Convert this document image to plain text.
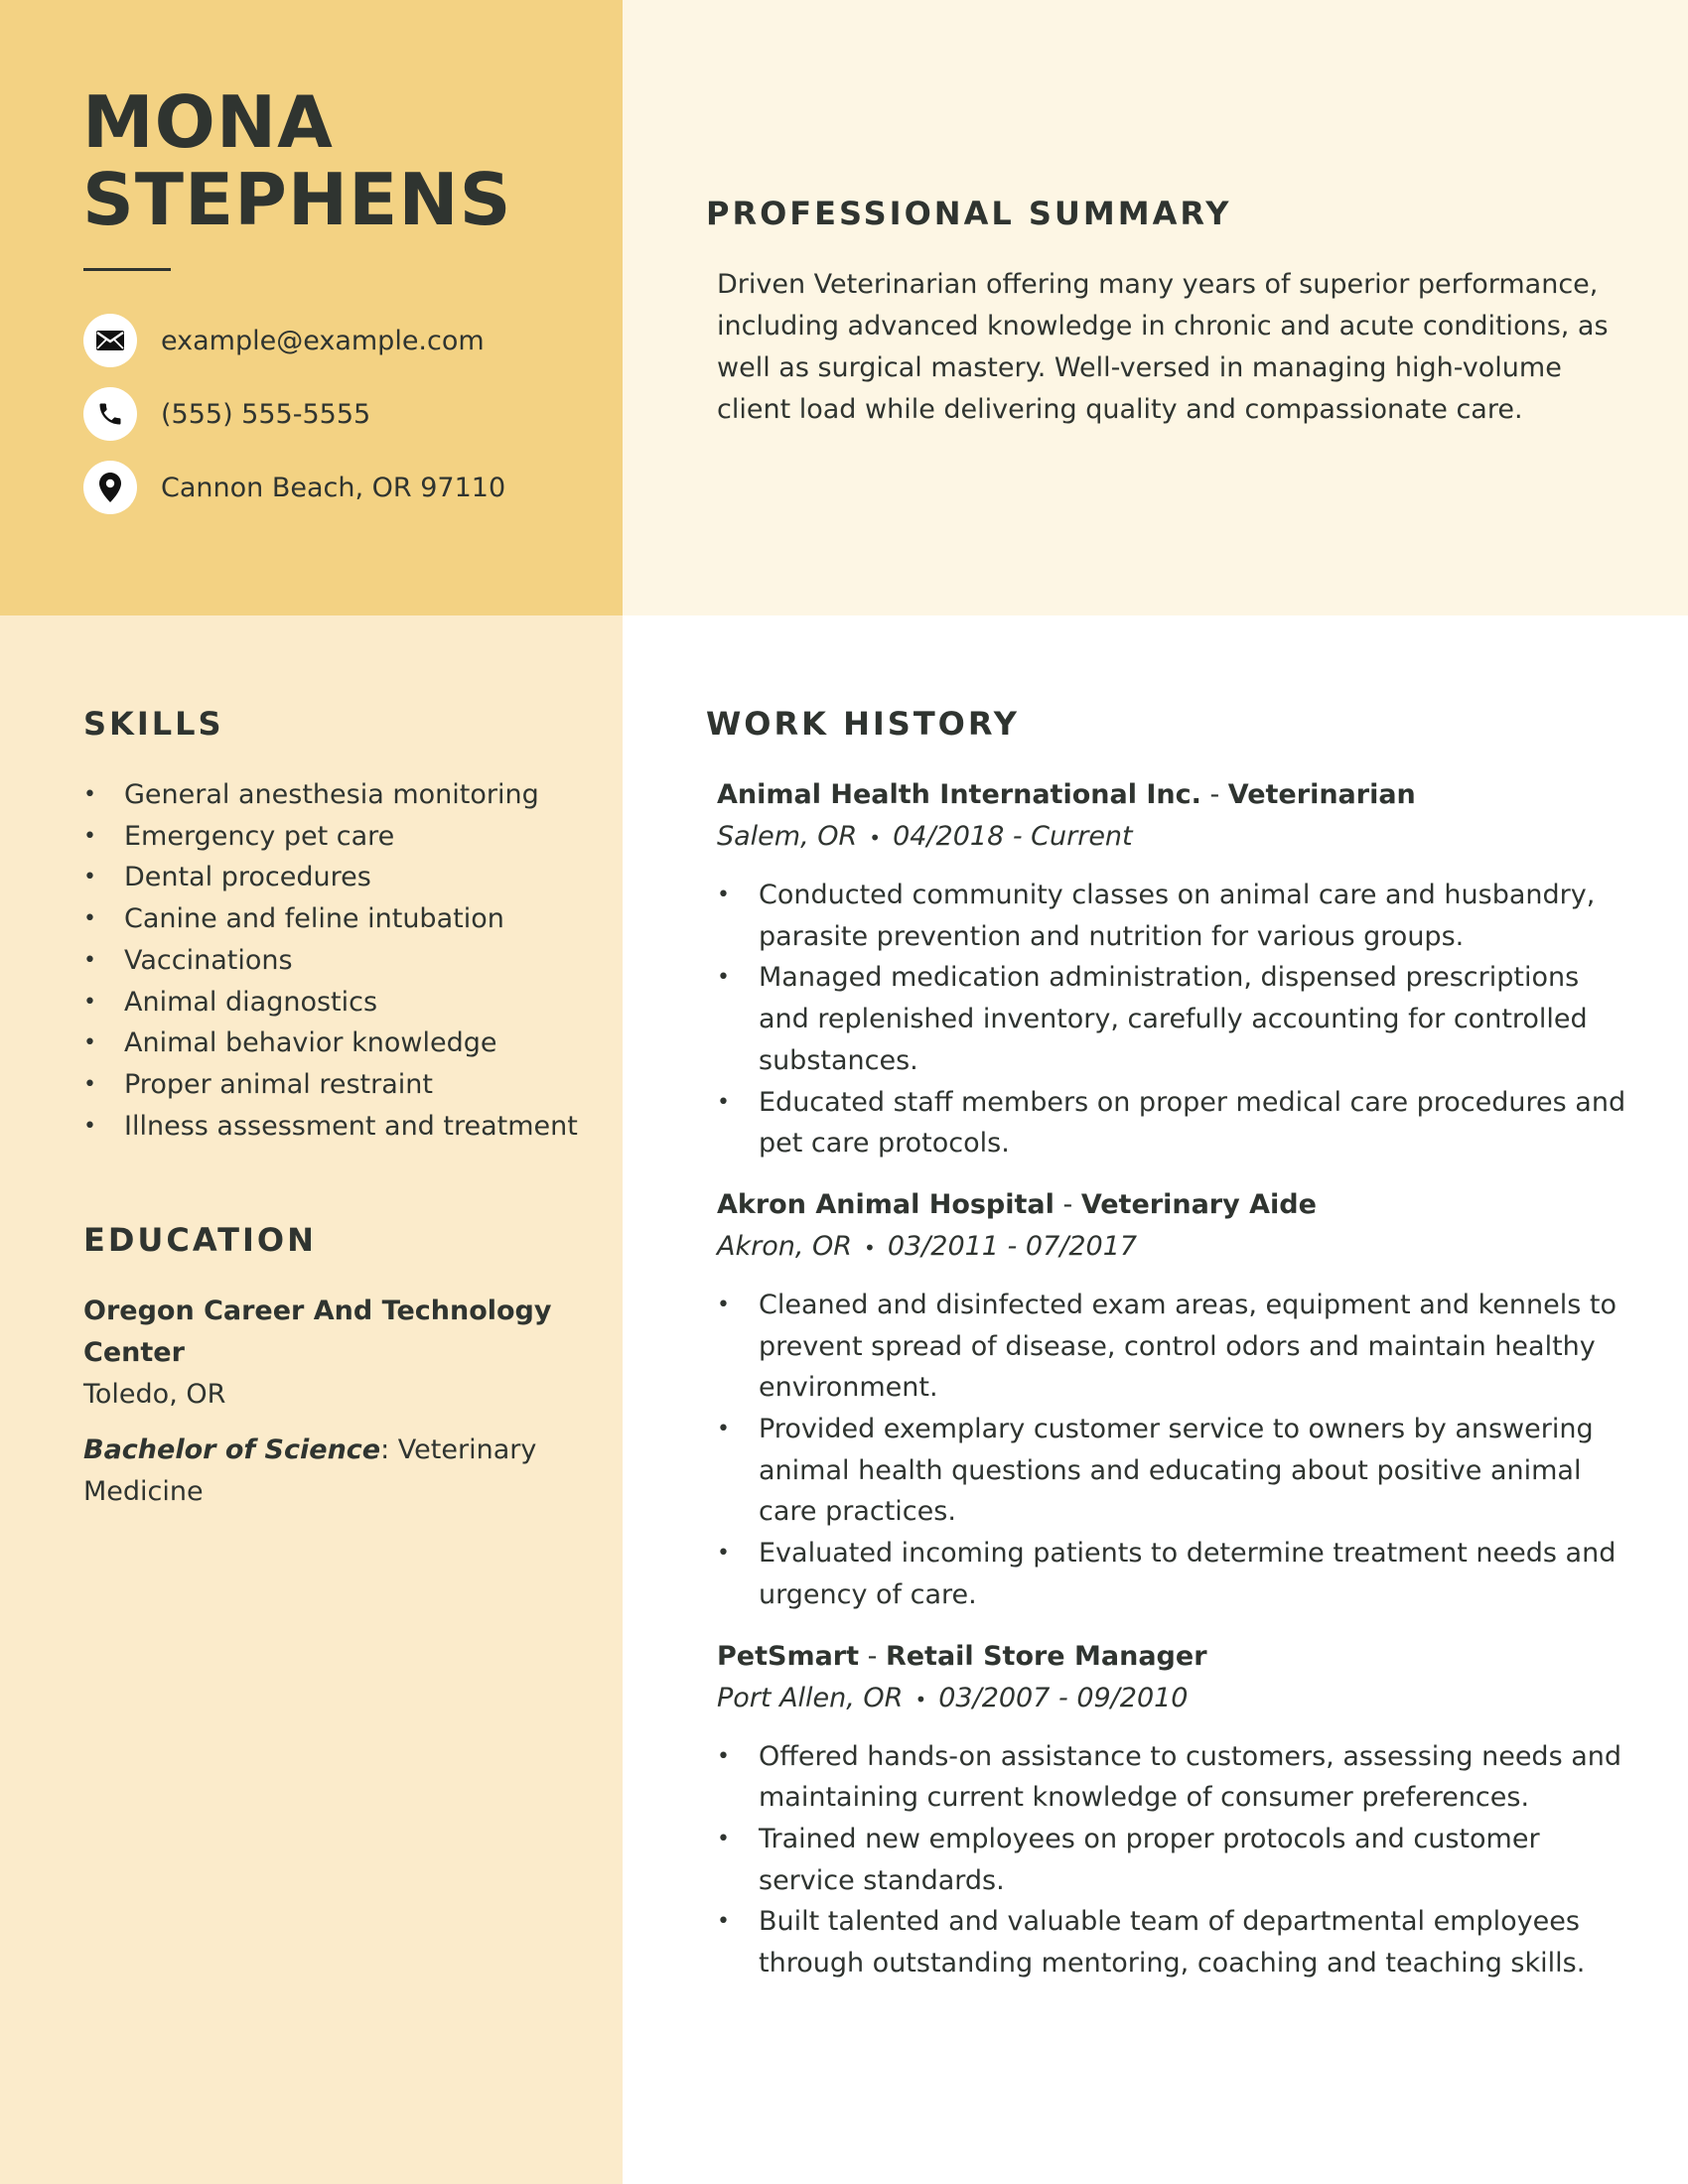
MONA
STEPHENS
example@example.com
(555) 555-5555
Cannon Beach, OR 97110
PROFESSIONAL SUMMARY
Driven Veterinarian offering many years of superior performance, including advanced knowledge in chronic and acute conditions, as well as surgical mastery. Well-versed in managing high-volume client load while delivering quality and compassionate care.
SKILLS
• General anesthesia monitoring
• Emergency pet care
• Dental procedures
• Canine and feline intubation
• Vaccinations
• Animal diagnostics
• Animal behavior knowledge
• Proper animal restraint
• Illness assessment and treatment
EDUCATION
Oregon Career And Technology Center
Toledo, OR
Bachelor of Science: Veterinary Medicine
WORK HISTORY
Animal Health International Inc. - Veterinarian
Salem, OR • 04/2018 - Current
• Conducted community classes on animal care and husbandry, parasite prevention and nutrition for various groups.
• Managed medication administration, dispensed prescriptions and replenished inventory, carefully accounting for controlled substances.
• Educated staff members on proper medical care procedures and pet care protocols.
Akron Animal Hospital - Veterinary Aide
Akron, OR • 03/2011 - 07/2017
• Cleaned and disinfected exam areas, equipment and kennels to prevent spread of disease, control odors and maintain healthy environment.
• Provided exemplary customer service to owners by answering animal health questions and educating about positive animal care practices.
• Evaluated incoming patients to determine treatment needs and urgency of care.
PetSmart - Retail Store Manager
Port Allen, OR • 03/2007 - 09/2010
• Offered hands-on assistance to customers, assessing needs and maintaining current knowledge of consumer preferences.
• Trained new employees on proper protocols and customer service standards.
• Built talented and valuable team of departmental employees through outstanding mentoring, coaching and teaching skills.
